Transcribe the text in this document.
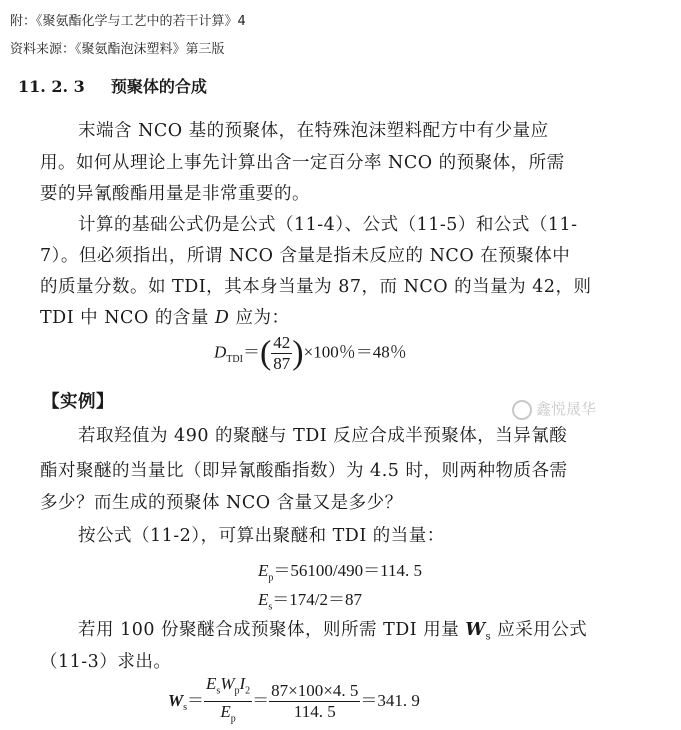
附：《聚氨酯化学与工艺中的若干计算》4
资料来源：《聚氨酯泡沫塑料》第三版
11. 2. 3 预聚体的合成
末端含 NCO 基的预聚体，在特殊泡沫塑料配方中有少量应
用。如何从理论上事先计算出含一定百分率 NCO 的预聚体，所需
要的异氰酸酯用量是非常重要的。
计算的基础公式仍是公式（11-4）、公式（11-5）和公式（11-
7）。但必须指出，所谓 NCO 含量是指未反应的 NCO 在预聚体中
的质量分数。如 TDI，其本身当量为 87，而 NCO 的当量为 42，则
TDI 中 NCO 的含量 D 应为：
$D_{TDI}=( \frac{42}{87} )\times 100$％＝48％
【实例】	鑫悦晟华
若取羟值为 490 的聚醚与 TDI 反应合成半预聚体，当异氰酸
酯对聚醚的当量比（即异氰酸酯指数）为 4.5 时，则两种物质各需
多少？而生成的预聚体 NCO 含量又是多少？
按公式（11-2），可算出聚醚和 TDI 的当量：
$E_p=56100/490=114$. 5
$E_s=174/2=87$
若用 100 份聚醚合成预聚体，则所需 TDI 用量 $W_s$ 应采用公式
（11-3）求出。
$W_s= \frac{E_sW_pI_2}{E_p} = \frac{87\times 100\times 4. 5}{114. 5} =341$. 9
